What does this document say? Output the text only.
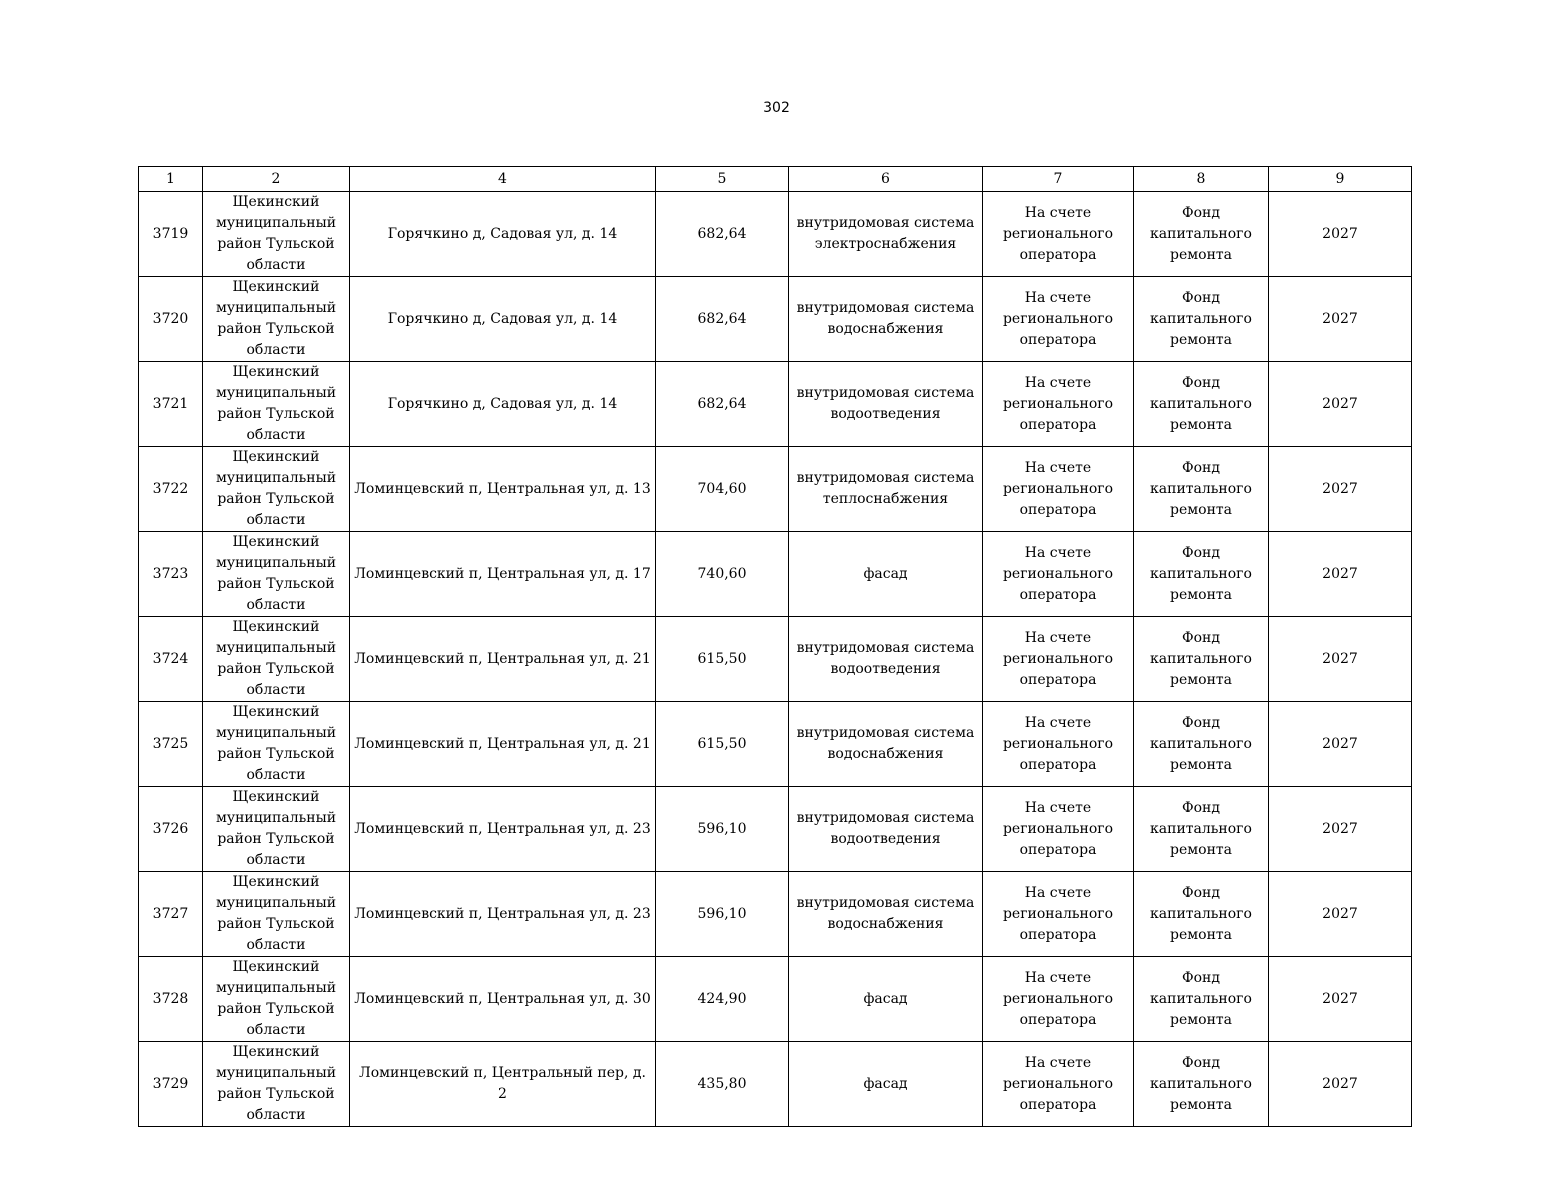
302
1	2	4	5	6	7	8	9
3719	Щекинский муниципальный район Тульской области	Горячкино д, Садовая ул, д. 14	682,64	внутридомовая система электроснабжения	На счете регионального оператора	Фонд капитального ремонта	2027
3720	Щекинский муниципальный район Тульской области	Горячкино д, Садовая ул, д. 14	682,64	внутридомовая система водоснабжения	На счете регионального оператора	Фонд капитального ремонта	2027
3721	Щекинский муниципальный район Тульской области	Горячкино д, Садовая ул, д. 14	682,64	внутридомовая система водоотведения	На счете регионального оператора	Фонд капитального ремонта	2027
3722	Щекинский муниципальный район Тульской области	Ломинцевский п, Центральная ул, д. 13	704,60	внутридомовая система теплоснабжения	На счете регионального оператора	Фонд капитального ремонта	2027
3723	Щекинский муниципальный район Тульской области	Ломинцевский п, Центральная ул, д. 17	740,60	фасад	На счете регионального оператора	Фонд капитального ремонта	2027
3724	Щекинский муниципальный район Тульской области	Ломинцевский п, Центральная ул, д. 21	615,50	внутридомовая система водоотведения	На счете регионального оператора	Фонд капитального ремонта	2027
3725	Щекинский муниципальный район Тульской области	Ломинцевский п, Центральная ул, д. 21	615,50	внутридомовая система водоснабжения	На счете регионального оператора	Фонд капитального ремонта	2027
3726	Щекинский муниципальный район Тульской области	Ломинцевский п, Центральная ул, д. 23	596,10	внутридомовая система водоотведения	На счете регионального оператора	Фонд капитального ремонта	2027
3727	Щекинский муниципальный район Тульской области	Ломинцевский п, Центральная ул, д. 23	596,10	внутридомовая система водоснабжения	На счете регионального оператора	Фонд капитального ремонта	2027
3728	Щекинский муниципальный район Тульской области	Ломинцевский п, Центральная ул, д. 30	424,90	фасад	На счете регионального оператора	Фонд капитального ремонта	2027
3729	Щекинский муниципальный район Тульской области	Ломинцевский п, Центральный пер, д. 2	435,80	фасад	На счете регионального оператора	Фонд капитального ремонта	2027
